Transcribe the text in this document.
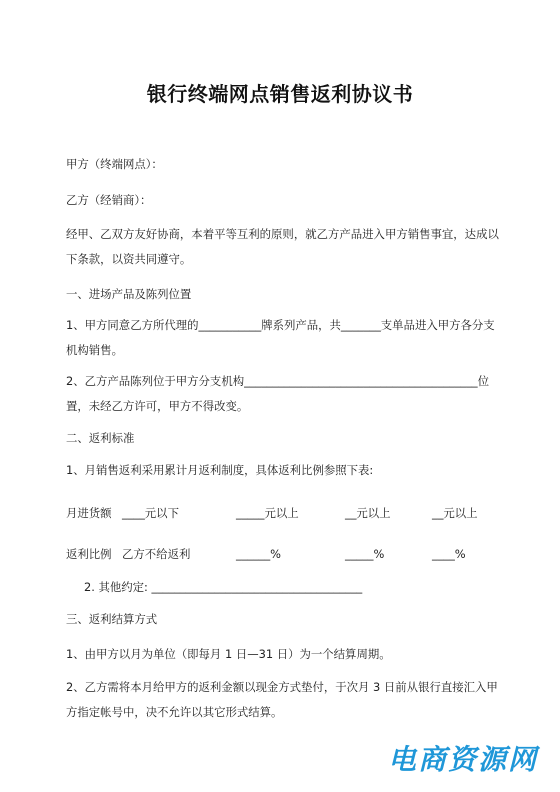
银行终端网点销售返利协议书
甲方（终端网点）：
乙方（经销商）：
经甲、乙双方友好协商，本着平等互利的原则，就乙方产品进入甲方销售事宜，达成以下条款，以资共同遵守。
一、进场产品及陈列位置
1、甲方同意乙方所代理的___________牌系列产品，共_______支单品进入甲方各分支机构销售。
2、乙方产品陈列位于甲方分支机构_________________________________________位置，未经乙方许可，甲方不得改变。
二、返利标准
1、月销售返利采用累计月返利制度，具体返利比例参照下表:
月进货额 ____元以下	_____元以上	__元以上	__元以上
返利比例 乙方不给返利	______%	_____%	____%
2. 其他约定: _____________________________________
三、返利结算方式
1、由甲方以月为单位（即每月 1 日—31 日）为一个结算周期。
2、乙方需将本月给甲方的返利金额以现金方式垫付，于次月 3 日前从银行直接汇入甲方指定帐号中，决不允许以其它形式结算。
电商资源网
